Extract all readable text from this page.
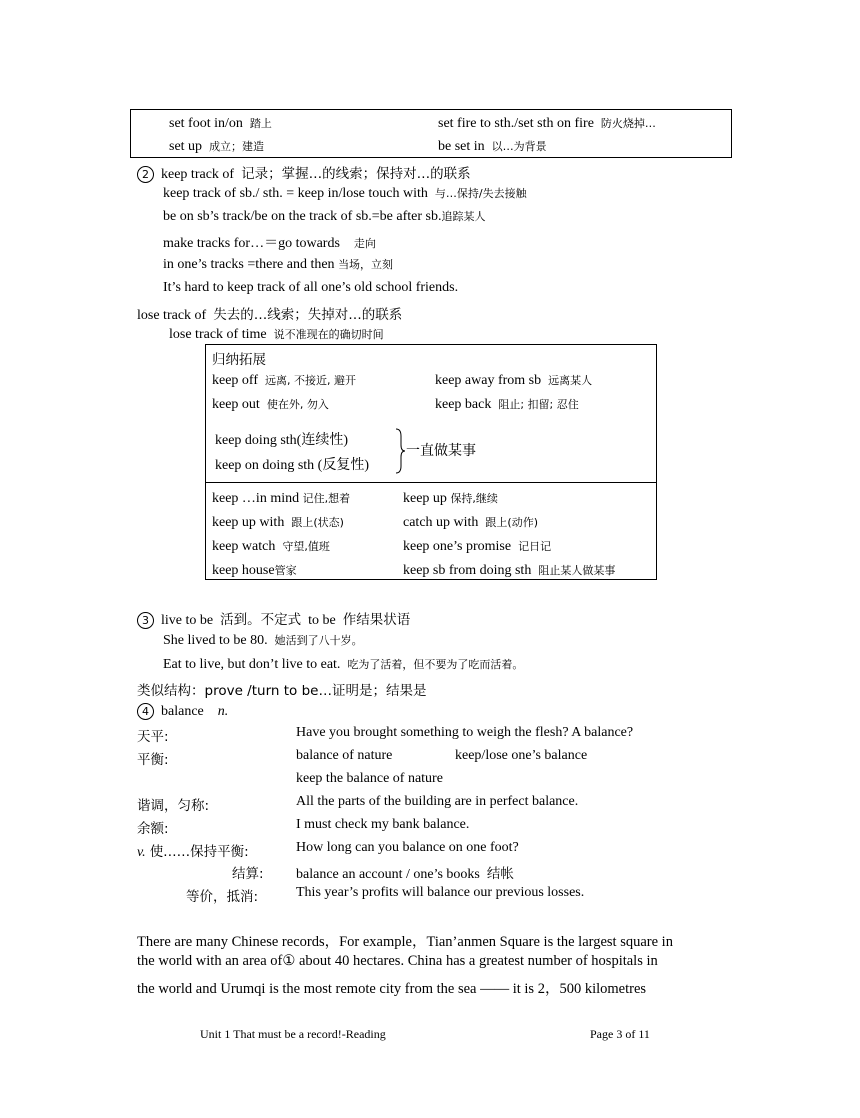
set foot in/on 踏上	set fire to sth./set sth on fire 防火烧掉…
set up 成立；建造	be set in 以…为背景
2 keep track of 记录；掌握…的线索；保持对…的联系
keep track of sb./ sth. = keep in/lose touch with 与…保持/失去接触
be on sb’s track/be on the track of sb.=be after sb.追踪某人
make tracks for…＝go towards 走向
in one’s tracks =there and then 当场，立刻
It’s hard to keep track of all one’s old school friends.
lose track of 失去的…线索；失掉对…的联系
lose track of time 说不准现在的确切时间
归纳拓展
keep off 远离, 不接近, 避开	keep away from sb 远离某人
keep out 使在外, 勿入	keep back 阻止; 扣留; 忍住
keep doing sth(连续性)
keep on doing sth (反复性)
一直做某事
keep …in mind 记住,想着	keep up 保持,继续
keep up with 跟上(状态)	catch up with 跟上(动作)
keep watch 守望,值班	keep one’s promise 记日记
keep house管家	keep sb from doing sth 阻止某人做某事
3 live to be 活到。不定式 to be 作结果状语
She lived to be 80. 她活到了八十岁。
Eat to live, but don’t live to eat. 吃为了活着，但不要为了吃而活着。
类似结构：prove /turn to be…证明是；结果是
4 balance n.
天平:	Have you brought something to weigh the flesh? A balance?
平衡:	balance of nature	keep/lose one’s balance
keep the balance of nature
谐调，匀称:	All the parts of the building are in perfect balance.
余额:	I must check my bank balance.
v. 使……保持平衡:	How long can you balance on one foot?
结算: balance an account / one’s books 结帐
等价，抵消:	This year’s profits will balance our previous losses.
There are many Chinese records，For example，Tian’anmen Square is the largest square in
the world with an area of① about 40 hectares. China has a greatest number of hospitals in
the world and Urumqi is the most remote city from the sea —— it is 2，500 kilometres
Unit 1 That must be a record!-Reading	Page 3 of 11
